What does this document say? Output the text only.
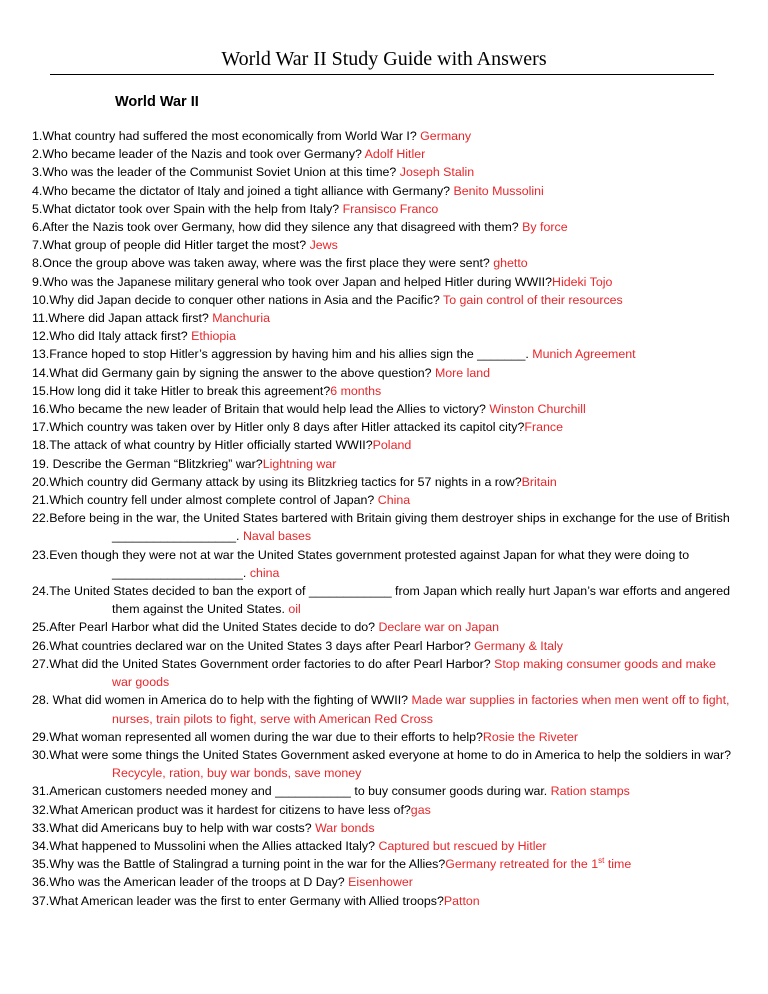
World War II Study Guide with Answers
World War II

1.What country had suffered the most economically from World War I? Germany

2.Who became leader of the Nazis and took over Germany? Adolf Hitler

3.Who was the leader of the Communist Soviet Union at this time? Joseph Stalin

4.Who became the dictator of Italy and joined a tight alliance with Germany? Benito Mussolini

5.What dictator took over Spain with the help from Italy? Fransisco Franco

6.After the Nazis took over Germany, how did they silence any that disagreed with them? By force

7.What group of people did Hitler target the most? Jews

8.Once the group above was taken away, where was the first place they were sent? ghetto

9.Who was the Japanese military general who took over Japan and helped Hitler during WWII?Hideki Tojo

10.Why did Japan decide to conquer other nations in Asia and the Pacific? To gain control of their resources

11.Where did Japan attack first? Manchuria

12.Who did Italy attack first? Ethiopia

13.France hoped to stop Hitler’s aggression by having him and his allies sign the _______. Munich Agreement

14.What did Germany gain by signing the answer to the above question? More land

15.How long did it take Hitler to break this agreement?6 months

16.Who became the new leader of Britain that would help lead the Allies to victory? Winston Churchill

17.Which country was taken over by Hitler only 8 days after Hitler attacked its capitol city?France

18.The attack of what country by Hitler officially started WWII?Poland

19. Describe the German “Blitzkrieg” war?Lightning war

20.Which country did Germany attack by using its Blitzkrieg tactics for 57 nights in a row?Britain

21.Which country fell under almost complete control of Japan? China

22.Before being in the war, the United States bartered with Britain giving them destroyer ships in exchange for the use of British __________________. Naval bases

23.Even though they were not at war the United States government protested against Japan for what they were doing to ___________________. china

24.The United States decided to ban the export of ____________ from Japan which really hurt Japan’s war efforts and angered them against the United States. oil

25.After Pearl Harbor what did the United States decide to do? Declare war on Japan

26.What countries declared war on the United States 3 days after Pearl Harbor? Germany & Italy

27.What did the United States Government order factories to do after Pearl Harbor? Stop making consumer goods and make war goods

28. What did women in America do to help with the fighting of WWII? Made war supplies in factories when men went off to fight, nurses, train pilots to fight, serve with American Red Cross

29.What woman represented all women during the war due to their efforts to help?Rosie the Riveter

30.What were some things the United States Government asked everyone at home to do in America to help the soldiers in war?Recycyle, ration, buy war bonds, save money

31.American customers needed money and ___________ to buy consumer goods during war. Ration stamps

32.What American product was it hardest for citizens to have less of?gas

33.What did Americans buy to help with war costs? War bonds

34.What happened to Mussolini when the Allies attacked Italy? Captured but rescued by Hitler

35.Why was the Battle of Stalingrad a turning point in the war for the Allies?Germany retreated for the 1st time

36.Who was the American leader of the troops at D Day? Eisenhower

37.What American leader was the first to enter Germany with Allied troops?Patton
